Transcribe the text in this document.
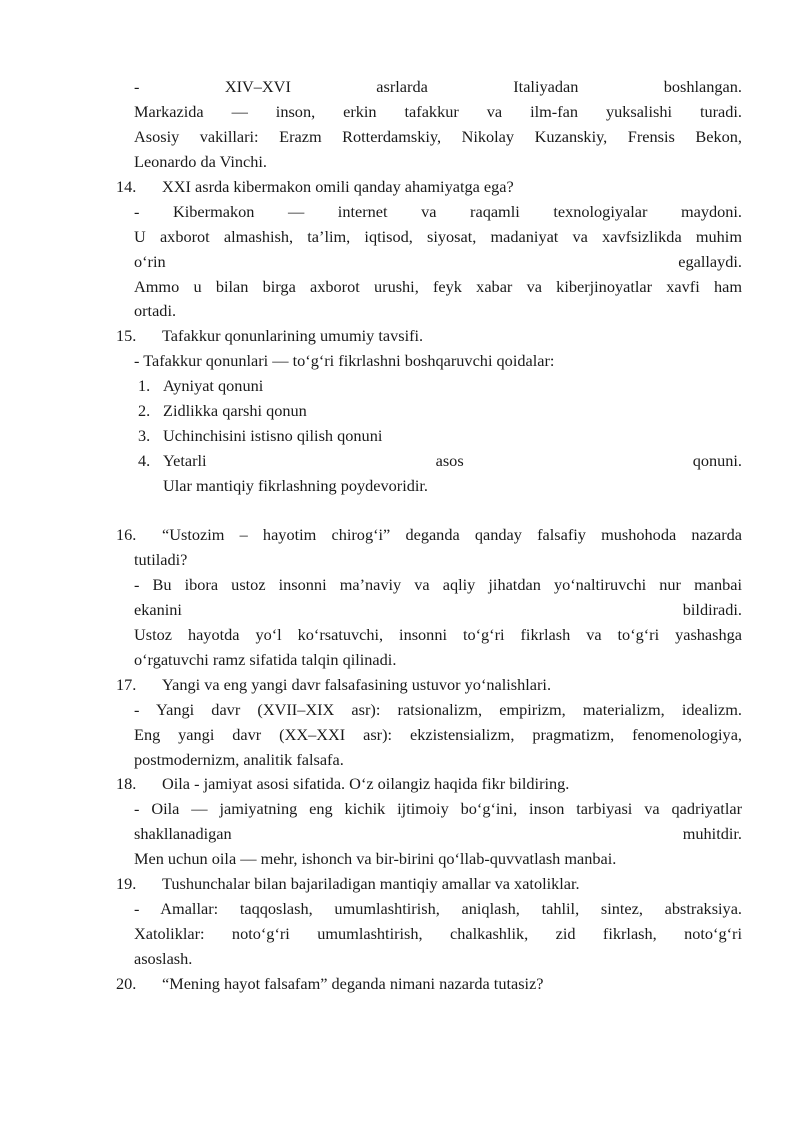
- XIV–XVI asrlarda Italiyadan boshlangan.
Markazida — inson, erkin tafakkur va ilm-fan yuksalishi turadi.
Asosiy vakillari: Erazm Rotterdamskiy, Nikolay Kuzanskiy, Frensis Bekon,
Leonardo da Vinchi.
14. XXI asrda kibermakon omili qanday ahamiyatga ega?
- Kibermakon — internet va raqamli texnologiyalar maydoni.
U axborot almashish, ta’lim, iqtisod, siyosat, madaniyat va xavfsizlikda muhim
o‘rin egallaydi.
Ammo u bilan birga axborot urushi, feyk xabar va kiberjinoyatlar xavfi ham
ortadi.
15. Tafakkur qonunlarining umumiy tavsifi.
- Tafakkur qonunlari — to‘g‘ri fikrlashni boshqaruvchi qoidalar:
1. Ayniyat qonuni
2. Zidlikka qarshi qonun
3. Uchinchisini istisno qilish qonuni
4. Yetarli asos qonuni.
Ular mantiqiy fikrlashning poydevoridir.
16. “Ustozim – hayotim chirog‘i” deganda qanday falsafiy mushohoda nazarda
tutiladi?
- Bu ibora ustoz insonni ma’naviy va aqliy jihatdan yo‘naltiruvchi nur manbai
ekanini bildiradi.
Ustoz hayotda yo‘l ko‘rsatuvchi, insonni to‘g‘ri fikrlash va to‘g‘ri yashashga
o‘rgatuvchi ramz sifatida talqin qilinadi.
17. Yangi va eng yangi davr falsafasining ustuvor yo‘nalishlari.
- Yangi davr (XVII–XIX asr): ratsionalizm, empirizm, materializm, idealizm.
Eng yangi davr (XX–XXI asr): ekzistensializm, pragmatizm, fenomenologiya,
postmodernizm, analitik falsafa.
18. Oila - jamiyat asosi sifatida. O‘z oilangiz haqida fikr bildiring.
- Oila — jamiyatning eng kichik ijtimoiy bo‘g‘ini, inson tarbiyasi va qadriyatlar
shakllanadigan muhitdir.
Men uchun oila — mehr, ishonch va bir-birini qo‘llab-quvvatlash manbai.
19. Tushunchalar bilan bajariladigan mantiqiy amallar va xatoliklar.
- Amallar: taqqoslash, umumlashtirish, aniqlash, tahlil, sintez, abstraksiya.
Xatoliklar: noto‘g‘ri umumlashtirish, chalkashlik, zid fikrlash, noto‘g‘ri
asoslash.
20. “Mening hayot falsafam” deganda nimani nazarda tutasiz?
